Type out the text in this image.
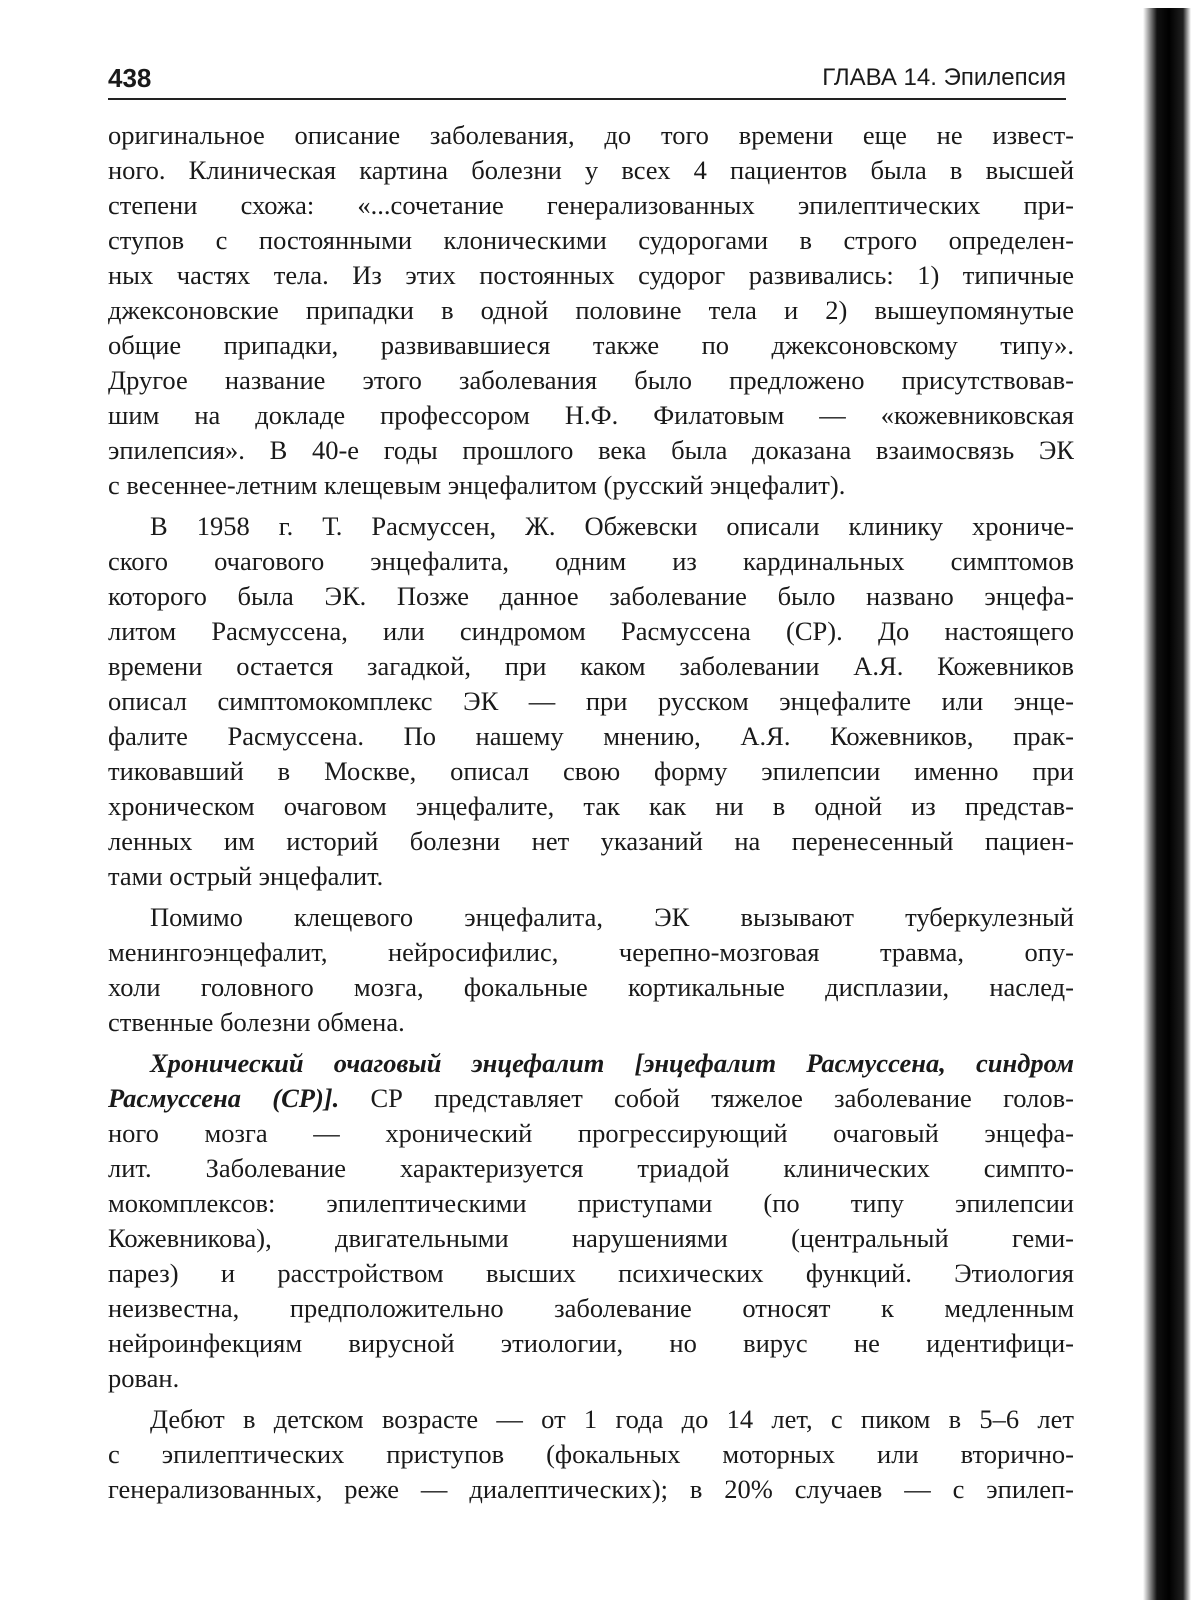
438	ГЛАВА 14. Эпилепсия
оригинальное описание заболевания, до того времени еще не извест-
ного. Клиническая картина болезни у всех 4 пациентов была в высшей
степени схожа: «...сочетание генерализованных эпилептических при-
ступов с постоянными клоническими судорогами в строго определен-
ных частях тела. Из этих постоянных судорог развивались: 1) типичные
джексоновские припадки в одной половине тела и 2) вышеупомянутые
общие припадки, развивавшиеся также по джексоновскому типу».
Другое название этого заболевания было предложено присутствовав-
шим на докладе профессором Н.Ф. Филатовым — «кожевниковская
эпилепсия». В 40-е годы прошлого века была доказана взаимосвязь ЭК
с весеннее-летним клещевым энцефалитом (русский энцефалит).
В 1958 г. Т. Расмуссен, Ж. Обжевски описали клинику хрониче-
ского очагового энцефалита, одним из кардинальных симптомов
которого была ЭК. Позже данное заболевание было названо энцефа-
литом Расмуссена, или синдромом Расмуссена (СР). До настоящего
времени остается загадкой, при каком заболевании А.Я. Кожевников
описал симптомокомплекс ЭК — при русском энцефалите или энце-
фалите Расмуссена. По нашему мнению, А.Я. Кожевников, прак-
тиковавший в Москве, описал свою форму эпилепсии именно при
хроническом очаговом энцефалите, так как ни в одной из представ-
ленных им историй болезни нет указаний на перенесенный пациен-
тами острый энцефалит.
Помимо клещевого энцефалита, ЭК вызывают туберкулезный
менингоэнцефалит, нейросифилис, черепно-мозговая травма, опу-
холи головного мозга, фокальные кортикальные дисплазии, наслед-
ственные болезни обмена.
Хронический очаговый энцефалит [энцефалит Расмуссена, синдром
Расмуссена (СР)]. СР представляет собой тяжелое заболевание голов-
ного мозга — хронический прогрессирующий очаговый энцефа-
лит. Заболевание характеризуется триадой клинических симпто-
мокомплексов: эпилептическими приступами (по типу эпилепсии
Кожевникова), двигательными нарушениями (центральный геми-
парез) и расстройством высших психических функций. Этиология
неизвестна, предположительно заболевание относят к медленным
нейроинфекциям вирусной этиологии, но вирус не идентифици-
рован.
Дебют в детском возрасте — от 1 года до 14 лет, с пиком в 5–6 лет
с эпилептических приступов (фокальных моторных или вторично-
генерализованных, реже — диалептических); в 20% случаев — с эпилеп-
